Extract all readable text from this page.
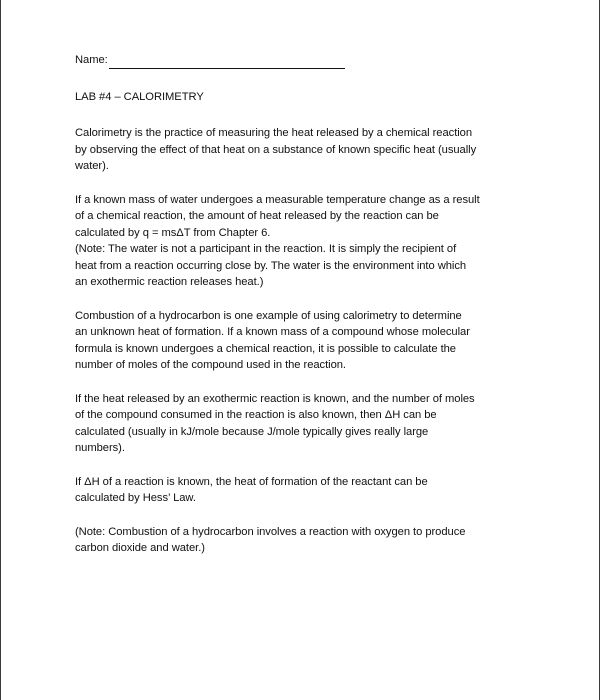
Name:
LAB #4 – CALORIMETRY

Calorimetry is the practice of measuring the heat released by a chemical reaction
by observing the effect of that heat on a substance of known specific heat (usually
water).

If a known mass of water undergoes a measurable temperature change as a result
of a chemical reaction, the amount of heat released by the reaction can be
calculated by q = msΔT from Chapter 6.
(Note: The water is not a participant in the reaction. It is simply the recipient of
heat from a reaction occurring close by. The water is the environment into which
an exothermic reaction releases heat.)

Combustion of a hydrocarbon is one example of using calorimetry to determine
an unknown heat of formation. If a known mass of a compound whose molecular
formula is known undergoes a chemical reaction, it is possible to calculate the
number of moles of the compound used in the reaction.

If the heat released by an exothermic reaction is known, and the number of moles
of the compound consumed in the reaction is also known, then ΔH can be
calculated (usually in kJ/mole because J/mole typically gives really large
numbers).

If ΔH of a reaction is known, the heat of formation of the reactant can be
calculated by Hess’ Law.

(Note: Combustion of a hydrocarbon involves a reaction with oxygen to produce
carbon dioxide and water.)
